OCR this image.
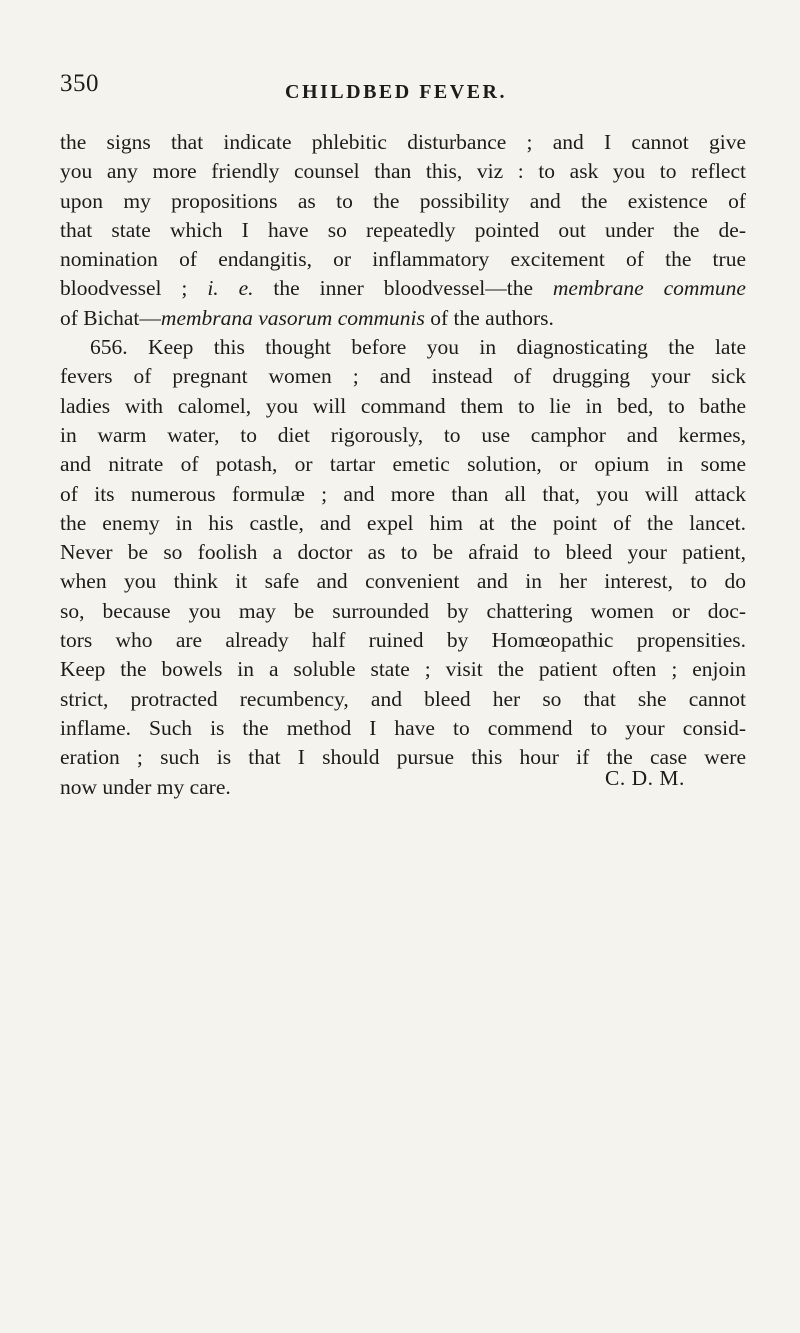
350	CHILDBED FEVER.
the signs that indicate phlebitic disturbance ; and I cannot give
you any more friendly counsel than this, viz : to ask you to reflect
upon my propositions as to the possibility and the existence of
that state which I have so repeatedly pointed out under the de-
nomination of endangitis, or inflammatory excitement of the true
bloodvessel ; i. e. the inner bloodvessel—the membrane commune
of Bichat—membrana vasorum communis of the authors.
656. Keep this thought before you in diagnosticating the late
fevers of pregnant women ; and instead of drugging your sick
ladies with calomel, you will command them to lie in bed, to bathe
in warm water, to diet rigorously, to use camphor and kermes,
and nitrate of potash, or tartar emetic solution, or opium in some
of its numerous formulæ ; and more than all that, you will attack
the enemy in his castle, and expel him at the point of the lancet.
Never be so foolish a doctor as to be afraid to bleed your patient,
when you think it safe and convenient and in her interest, to do
so, because you may be surrounded by chattering women or doc-
tors who are already half ruined by Homœopathic propensities.
Keep the bowels in a soluble state ; visit the patient often ; enjoin
strict, protracted recumbency, and bleed her so that she cannot
inflame. Such is the method I have to commend to your consid-
eration ; such is that I should pursue this hour if the case were
now under my care.	C. D. M.
